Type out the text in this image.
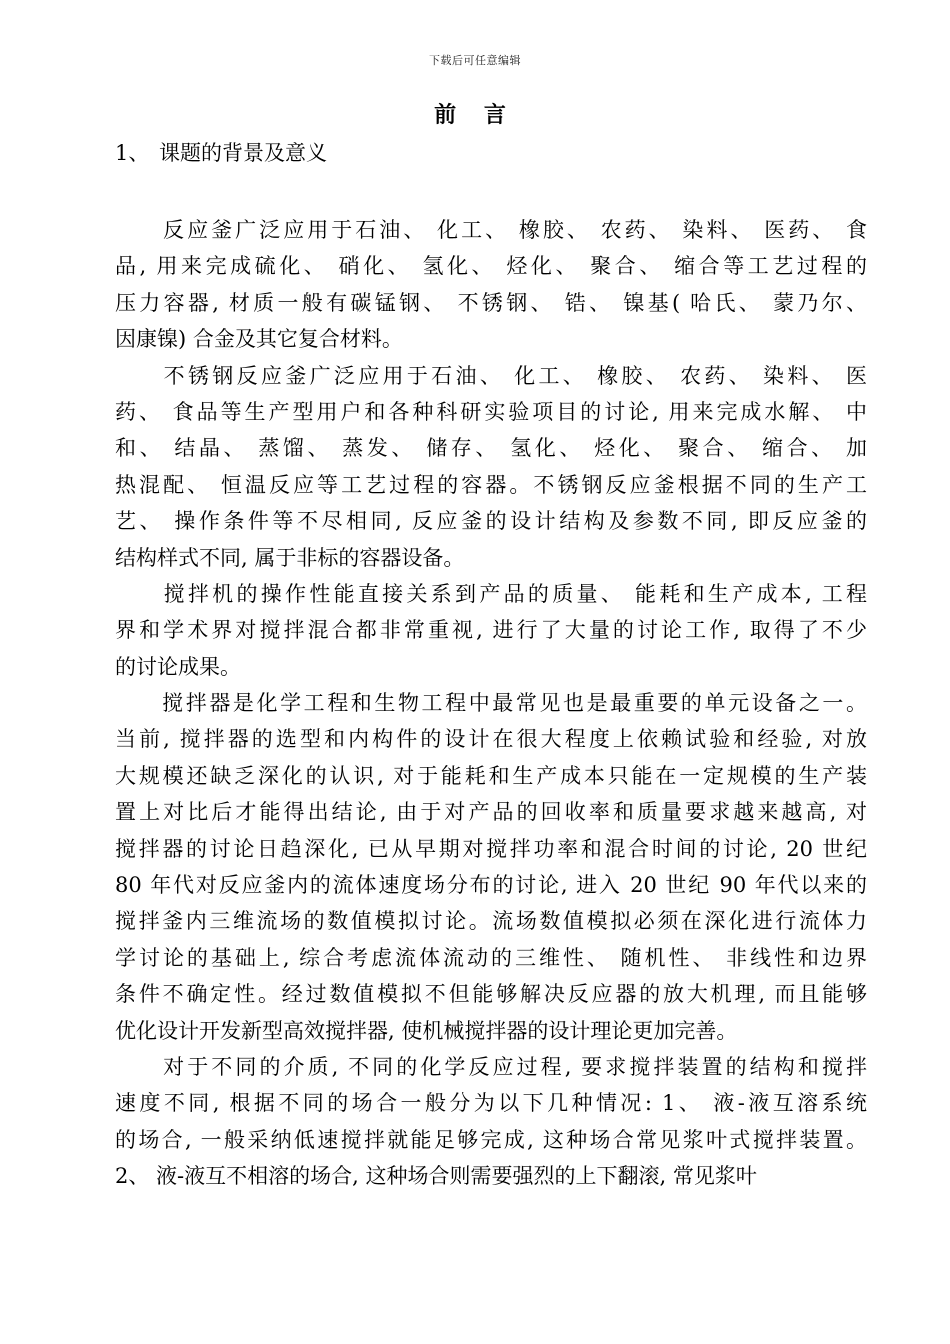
下载后可任意编辑
前 言
1、 课题的背景及意义
　　反应釜广泛应用于石油、 化工、 橡胶、 农药、 染料、 医药、 食
品, 用来完成硫化、 硝化、 氢化、 烃化、 聚合、 缩合等工艺过程的
压力容器, 材质一般有碳锰钢、 不锈钢、 锆、 镍基( 哈氏、 蒙乃尔、
因康镍) 合金及其它复合材料。
　　不锈钢反应釜广泛应用于石油、 化工、 橡胶、 农药、 染料、 医
药、 食品等生产型用户和各种科研实验项目的讨论, 用来完成水解、 中
和、 结晶、 蒸馏、 蒸发、 储存、 氢化、 烃化、 聚合、 缩合、 加
热混配、 恒温反应等工艺过程的容器。不锈钢反应釜根据不同的生产工
艺、 操作条件等不尽相同, 反应釜的设计结构及参数不同, 即反应釜的
结构样式不同, 属于非标的容器设备。
　　搅拌机的操作性能直接关系到产品的质量、 能耗和生产成本, 工程
界和学术界对搅拌混合都非常重视, 进行了大量的讨论工作, 取得了不少
的讨论成果。
　　搅拌器是化学工程和生物工程中最常见也是最重要的单元设备之一。
当前, 搅拌器的选型和内构件的设计在很大程度上依赖试验和经验, 对放
大规模还缺乏深化的认识, 对于能耗和生产成本只能在一定规模的生产装
置上对比后才能得出结论, 由于对产品的回收率和质量要求越来越高, 对
搅拌器的讨论日趋深化, 已从早期对搅拌功率和混合时间的讨论, 20 世纪
80 年代对反应釜内的流体速度场分布的讨论, 进入 20 世纪 90 年代以来的
搅拌釜内三维流场的数值模拟讨论。流场数值模拟必须在深化进行流体力
学讨论的基础上, 综合考虑流体流动的三维性、 随机性、 非线性和边界
条件不确定性。经过数值模拟不但能够解决反应器的放大机理, 而且能够
优化设计开发新型高效搅拌器, 使机械搅拌器的设计理论更加完善。
　　对于不同的介质, 不同的化学反应过程, 要求搅拌装置的结构和搅拌
速度不同, 根据不同的场合一般分为以下几种情况: 1、 液-液互溶系统
的场合, 一般采纳低速搅拌就能足够完成, 这种场合常见浆叶式搅拌装置。
2、 液-液互不相溶的场合, 这种场合则需要强烈的上下翻滚, 常见浆叶
